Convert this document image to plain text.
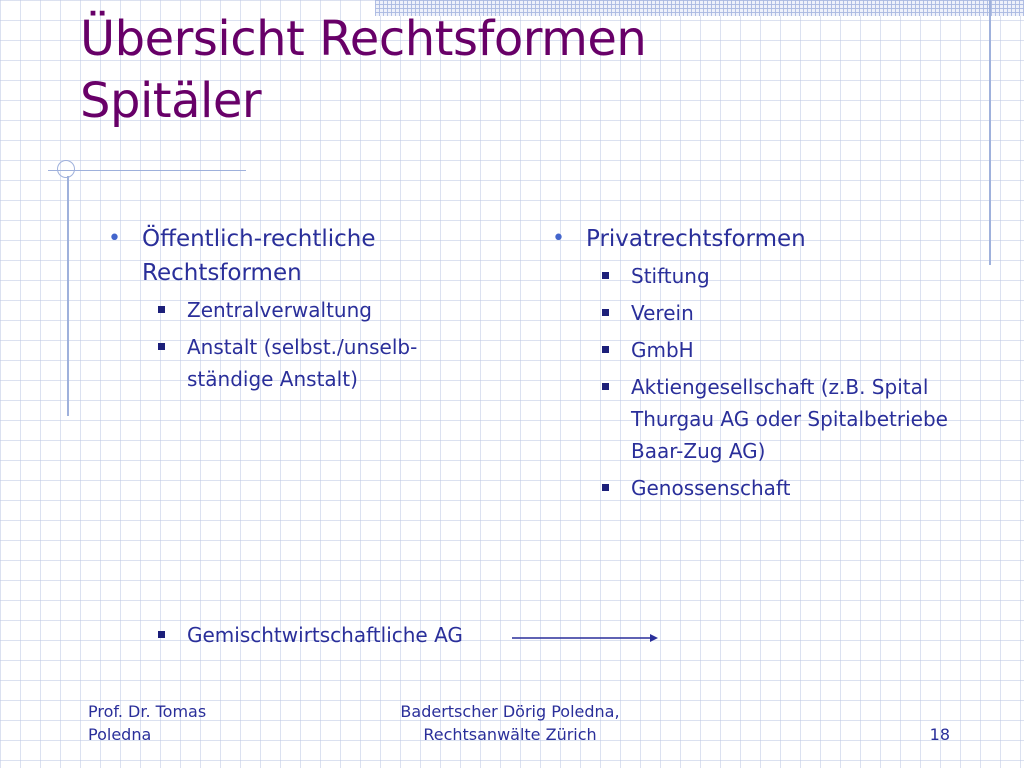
Übersicht Rechtsformen
Spitäler
• Öffentlich-rechtliche Rechtsformen
Zentralverwaltung
Anstalt (selbst./unselb-ständige Anstalt)
• Privatrechtsformen
Stiftung
Verein
GmbH
Aktiengesellschaft (z.B. Spital Thurgau AG oder Spitalbetriebe Baar-Zug AG)
Genossenschaft

Gemischtwirtschaftliche AG

Prof. Dr. Tomas Poledna
Badertscher Dörig Poledna,
Rechtsanwälte Zürich	18
